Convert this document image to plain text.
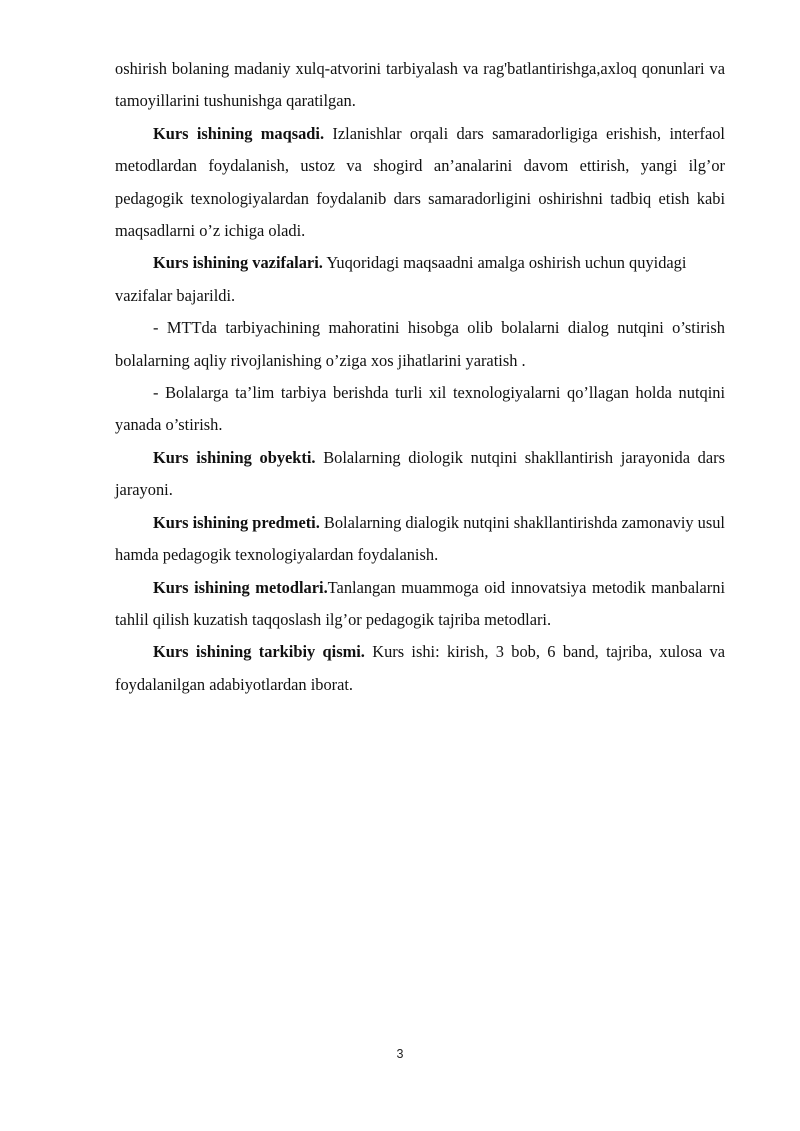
oshirish bolaning madaniy xulq-atvorini tarbiyalash va rag'batlantirishga,axloq qonunlari va tamoyillarini tushunishga qaratilgan.

Kurs ishining maqsadi. Izlanishlar orqali dars samaradorligiga erishish, interfaol metodlardan foydalanish, ustoz va shogird an’analarini davom ettirish, yangi ilg’or pedagogik texnologiyalardan foydalanib dars samaradorligini oshirishni tadbiq etish kabi maqsadlarni o’z ichiga oladi.

Kurs ishining vazifalari. Yuqoridagi maqsaadni amalga oshirish uchun quyidagi vazifalar bajarildi.

- MTTda tarbiyachining mahoratini hisobga olib bolalarni dialog nutqini o’stirish bolalarning aqliy rivojlanishing o’ziga xos jihatlarini yaratish .

- Bolalarga ta’lim tarbiya berishda turli xil texnologiyalarni qo’llagan holda nutqini yanada o’stirish.

Kurs ishining obyekti. Bolalarning diologik nutqini shakllantirish jarayonida dars jarayoni.

Kurs ishining predmeti. Bolalarning dialogik nutqini shakllantirishda zamonaviy usul hamda pedagogik texnologiyalardan foydalanish.

Kurs ishining metodlari.Tanlangan muammoga oid innovatsiya metodik manbalarni tahlil qilish kuzatish taqqoslash ilg’or pedagogik tajriba metodlari.

Kurs ishining tarkibiy qismi. Kurs ishi: kirish, 3 bob, 6 band, tajriba, xulosa va foydalanilgan adabiyotlardan iborat.

3
